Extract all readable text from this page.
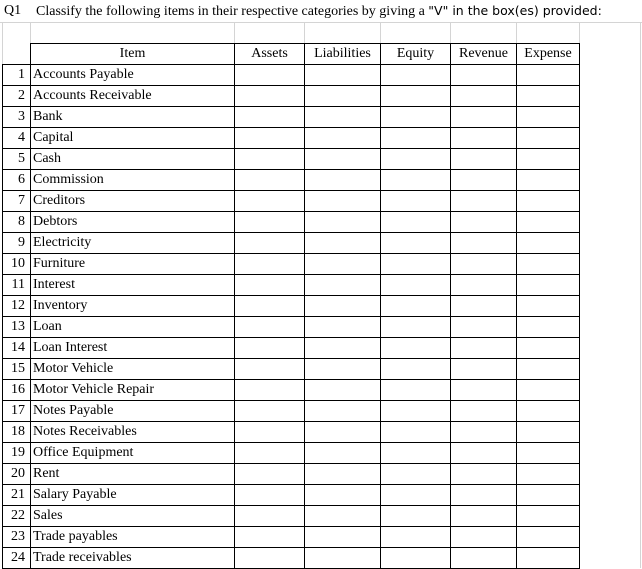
Q1 Classify the following items in their respective categories by giving a "V" in the box(es) provided:
	Item	Assets	Liabilities	Equity	Revenue	Expense
1	Accounts Payable					
2	Accounts Receivable					
3	Bank					
4	Capital					
5	Cash					
6	Commission					
7	Creditors					
8	Debtors					
9	Electricity					
10	Furniture					
11	Interest					
12	Inventory					
13	Loan					
14	Loan Interest					
15	Motor Vehicle					
16	Motor Vehicle Repair					
17	Notes Payable					
18	Notes Receivables					
19	Office Equipment					
20	Rent					
21	Salary Payable					
22	Sales					
23	Trade payables					
24	Trade receivables					
